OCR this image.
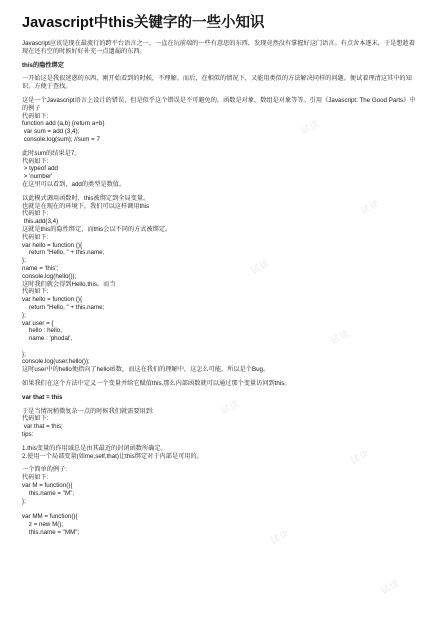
Javascript中this关键字的一些小知识

Javascript应该是现在最流行的跨平台语言之一，一直在玩前端的一些有意思的东西，发现竟然没有掌握好这门语言。有点舍本逐末，于是想趁着现在还有空的时候好好补充一点遗漏的东西。

this的隐性绑定

一开始这是我很迷惑的东西，刚开始看到的时候，不理解。而后，在相似的情况下，又能用类似的方法解决同样的问题。便试着理清这其中的知识，方便于查找。

这是一个Javascript语言上设计的错误，但是似乎这个错误是不可避免的，函数是对象，数组是对象等等。引用《Javascript: The Good Parts》中的例子

代码如下:

function add (a,b) {return a+b}
var sum = add (3,4);
console.log(sum); //sum = 7

此时sum的结果是7。

代码如下:

> typeof add
> 'number'

在这里可以看到，add的类型是数值。

以此模式调用函数时，this被绑定到全局变量。
也就是在现在的环境下，我们可以这样调用this

代码如下:

this.add(3,4)

这就是this的隐性绑定，而this会以不同的方式被绑定。

代码如下:

var hello = function (){
return "Hello, " + this.name;
};
name = 'this';
console.log(hello());

这时我们就会得到Hello,this。而当

代码如下:

var hello = function (){
return "Hello, " + this.name;
};
var user = {
hello : hello,
name : 'phodal',

};
console.log(user.hello());

这时user中的hello便指向了hello函数，而这在我们的理解中，这怎么可能，所以是个Bug。

如果我们在这个方法中定义一个变量并给它赋值this,那么内部函数就可以通过那个变量访问到this。

var that = this

于是当情况稍微复杂一点的时候我们就需要用到:

代码如下:

var that = this;

tips:

1.this变量的作用域总是由其最近的封闭函数所确定。
2.使用一个局部变量(如me,self,that)让this绑定对于内部是可用的。

一个简单的例子:

代码如下:

var M = function(){
this.name = "M";
};

var MM = function(){
z = new M();
this.name = "MM";

试读
试读
试读
试读
试读
试读
试读
试读
